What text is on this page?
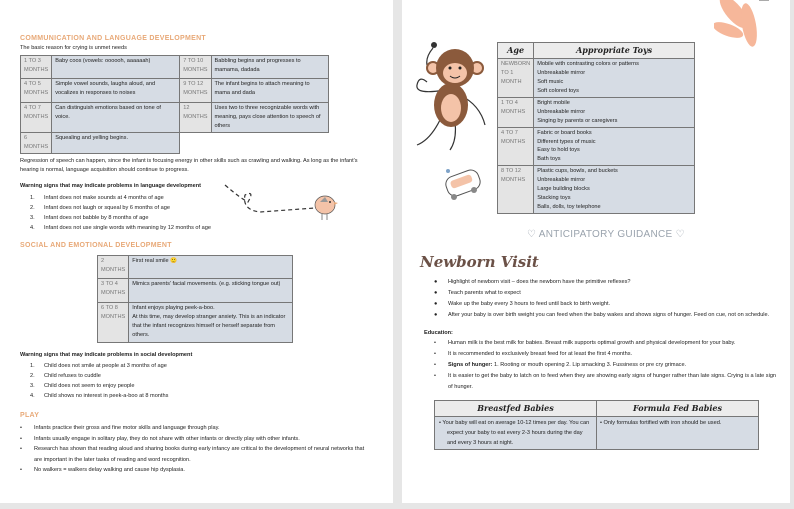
COMMUNICATION AND LANGUAGE DEVELOPMENT
The basic reason for crying is unmet needs
1 TO 3 MONTHS	Baby coos (vowels: oooooh, aaaaaah)	7 TO 10 MONTHS	Babbling begins and progresses to mamama, dadada
4 TO 5 MONTHS	Simple vowel sounds, laughs aloud, and vocalizes in responses to noises	9 TO 12 MONTHS	The infant begins to attach meaning to mama and dada
4 TO 7 MONTHS	Can distinguish emotions based on tone of voice.	12 MONTHS	Uses two to three recognizable words with meaning, pays close attention to speech of others
6 MONTHS	Squealing and yelling begins.		
Regression of speech can happen, since the infant is focusing energy in other skills such as crawling and walking. As long as the infant's hearing is normal, language acquisition should continue to progress.
Warning signs that may indicate problems in language development
1. Infant does not make sounds at 4 months of age
2. Infant does not laugh or squeal by 6 months of age
3. Infant does not babble by 8 months of age
4. Infant does not use single words with meaning by 12 months of age
SOCIAL AND EMOTIONAL DEVELOPMENT
2 MONTHS	First real smile 🙂
3 TO 4 MONTHS	Mimics parents' facial movements. (e.g. sticking tongue out)
6 TO 8 MONTHS	Infant enjoys playing peek-a-boo.
At this time, may develop stranger anxiety. This is an indicator that the infant recognizes himself or herself separate from others.
Warning signs that may indicate problems in social development
1. Child does not smile at people at 3 months of age
2. Child refuses to cuddle
3. Child does not seem to enjoy people
4. Child shows no interest in peek-a-boo at 8 months
PLAY
• Infants practice their gross and fine motor skills and language through play.
• Infants usually engage in solitary play, they do not share with other infants or directly play with other infants.
• Research has shown that reading aloud and sharing books during early infancy are critical to the development of neural networks that are important in the later tasks of reading and word recognition.
• No walkers = walkers delay walking and cause hip dysplasia.
Age	Appropriate Toys
NEWBORN TO 1 MONTH	Mobile with contrasting colors or patterns
Unbreakable mirror
Soft music
Soft colored toys

1 TO 4 MONTHS	Bright mobile
Unbreakable mirror
Singing by parents or caregivers

4 TO 7 MONTHS	Fabric or board books
Different types of music
Easy to hold toys
Bath toys

8 TO 12 MONTHS	Plastic cups, bowls, and buckets
Unbreakable mirror
Large building blocks
Stacking toys
Balls, dolls, toy telephone
♡ ANTICIPATORY GUIDANCE ♡
Newborn Visit
● Highlight of newborn visit – does the newborn have the primitive reflexes?
● Teach parents what to expect
● Wake up the baby every 3 hours to feed until back to birth weight.
● After your baby is over birth weight you can feed when the baby wakes and shows signs of hunger. Feed on cue, not on schedule.
Education:
• Human milk is the best milk for babies. Breast milk supports optimal growth and physical development for your baby.
• It is recommended to exclusively breast feed for at least the first 4 months.
• Signs of hunger: 1. Rooting or mouth opening 2. Lip smacking 3. Fussiness or pre cry grimace.
• It is easier to get the baby to latch on to feed when they are showing early signs of hunger rather than late signs. Crying is a late sign of hunger.
Breastfed Babies	Formula Fed Babies
• Your baby will eat on average 10-12 times per day. You can expect your baby to eat every 2-3 hours during the day and every 3 hours at night.	• Only formulas fortified with iron should be used.
